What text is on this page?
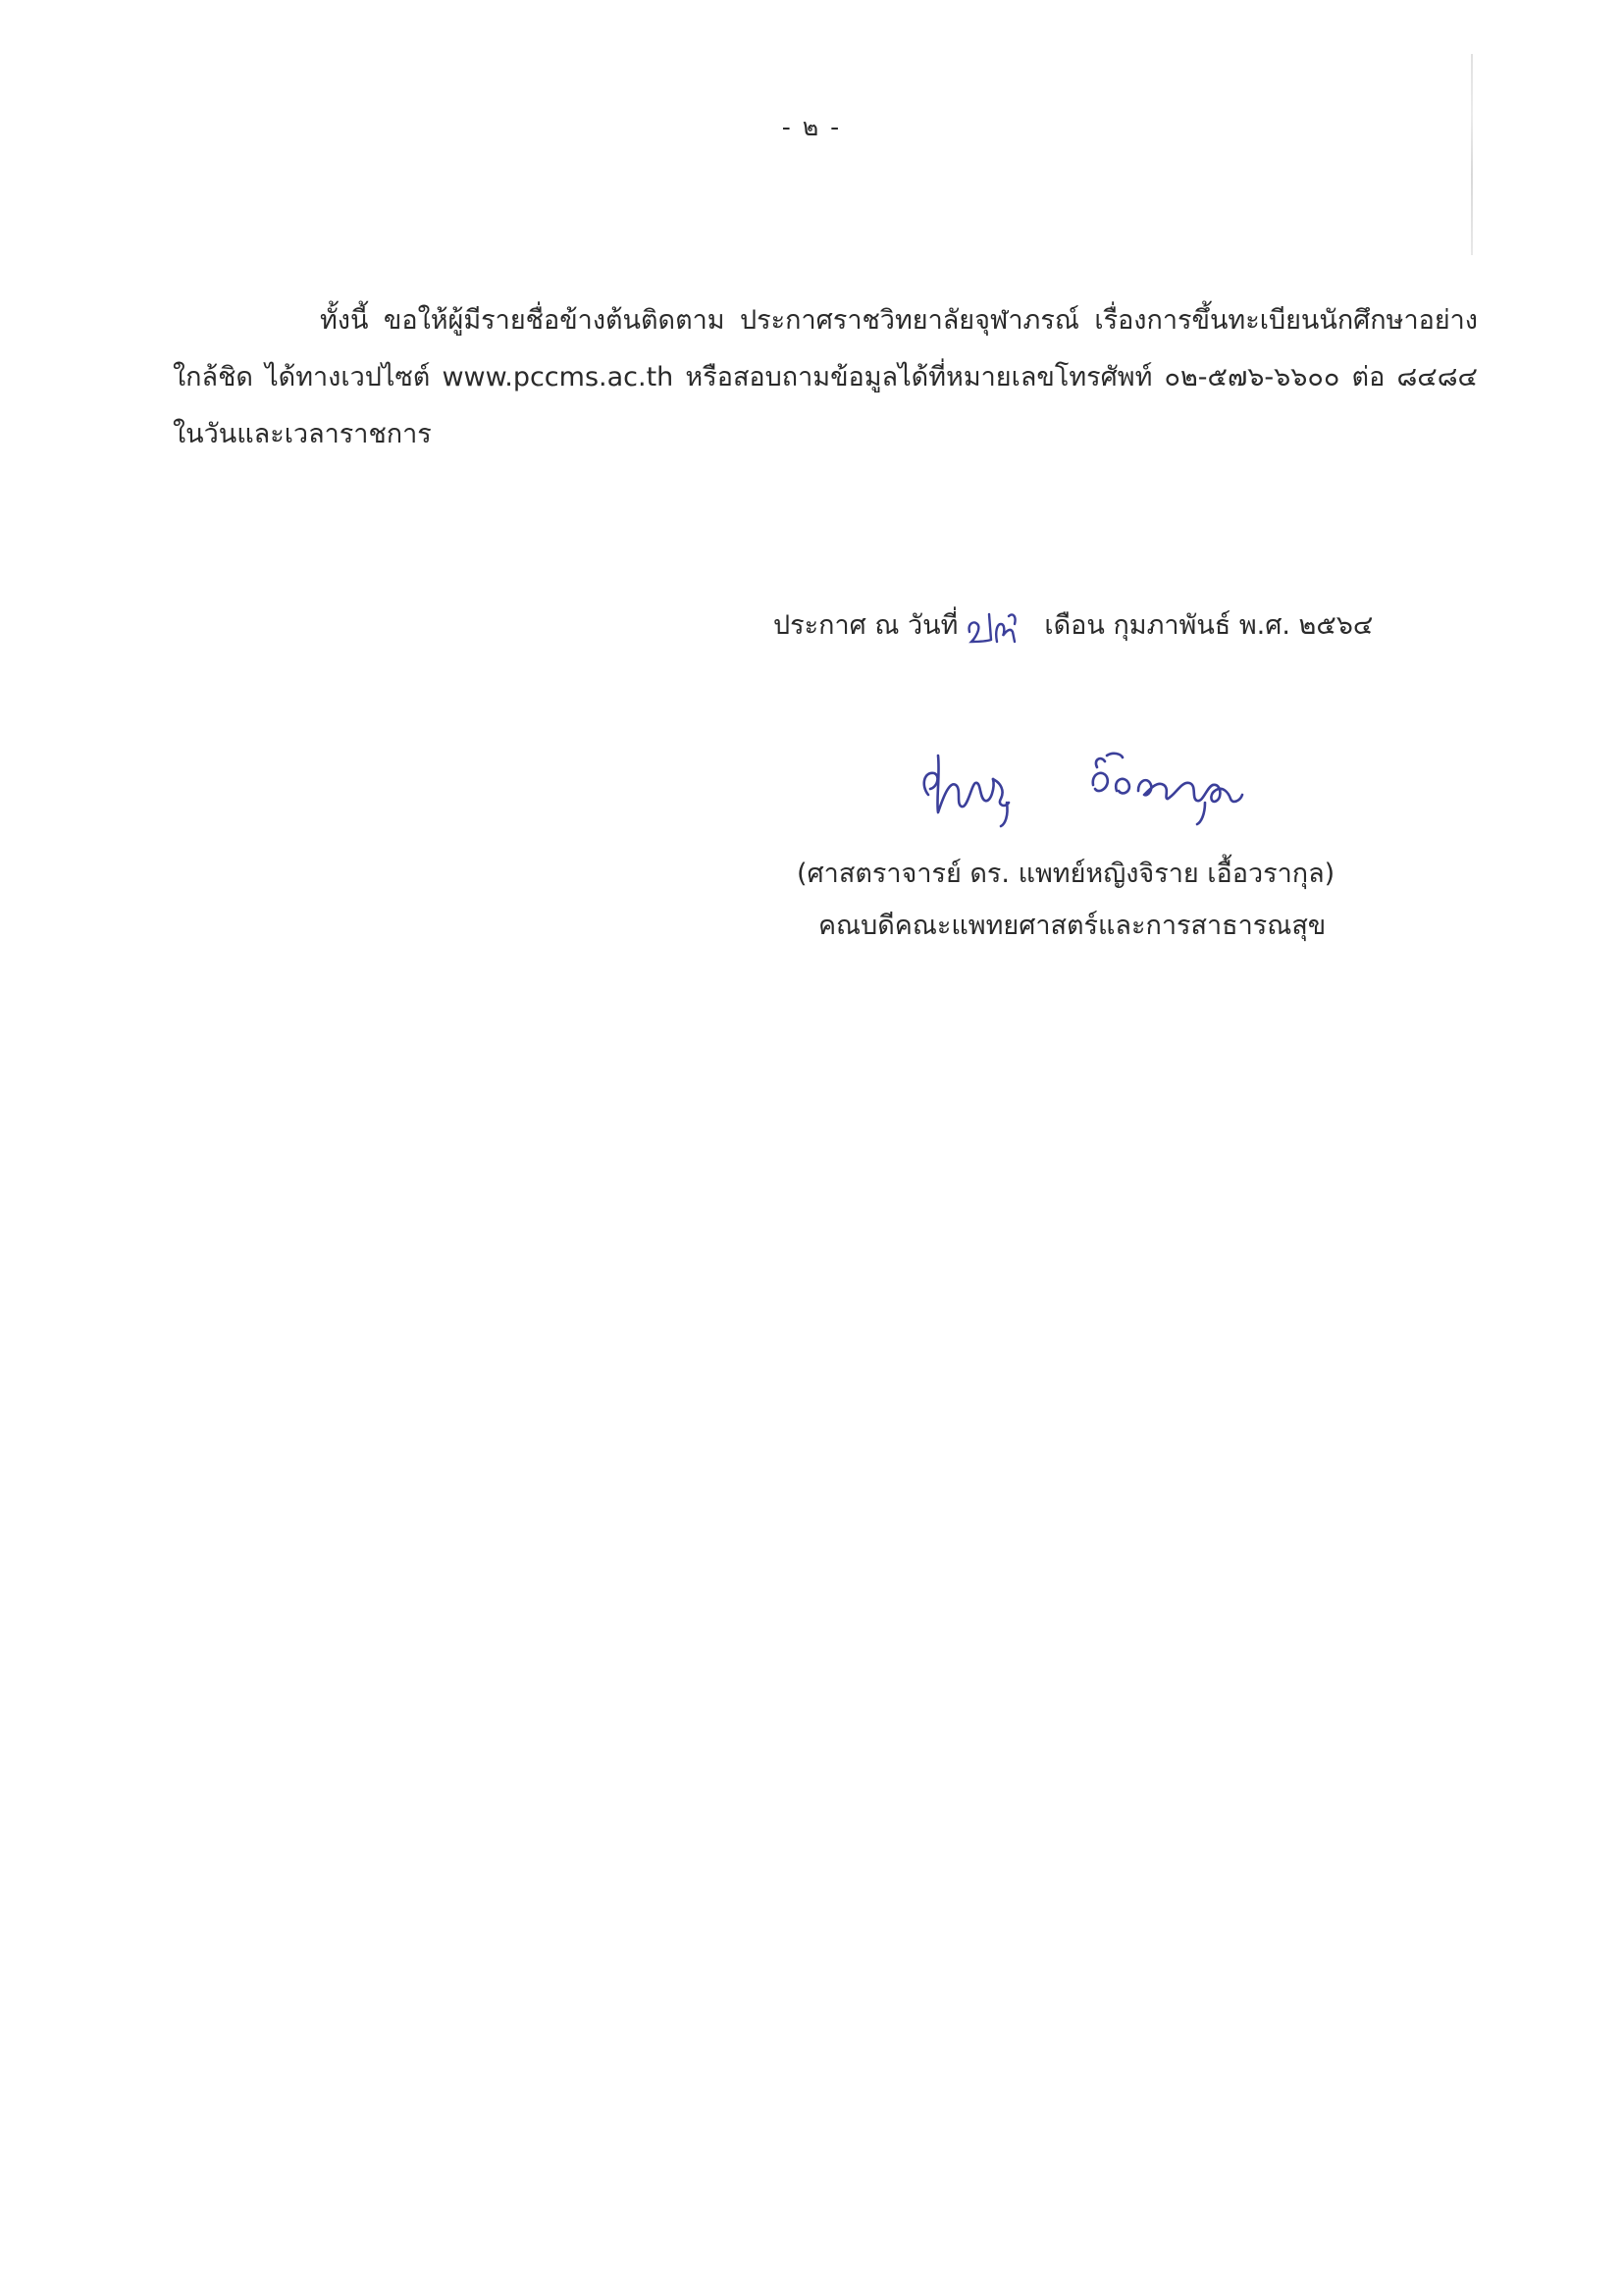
- ๒ -
ทั้งนี้ ขอให้ผู้มีรายชื่อข้างต้นติดตาม ประกาศราชวิทยาลัยจุฬาภรณ์ เรื่องการขึ้นทะเบียนนักศึกษาอย่าง
ใกล้ชิด ได้ทางเวปไซต์ www.pccms.ac.th หรือสอบถามข้อมูลได้ที่หมายเลขโทรศัพท์ ๐๒-๕๗๖-๖๖๐๐ ต่อ ๘๔๘๔
ในวันและเวลาราชการ
ประกาศ ณ วันที่	เดือน กุมภาพันธ์ พ.ศ. ๒๕๖๔
(ศาสตราจารย์ ดร. แพทย์หญิงจิราย เอื้อวรากุล)
คณบดีคณะแพทยศาสตร์และการสาธารณสุข
